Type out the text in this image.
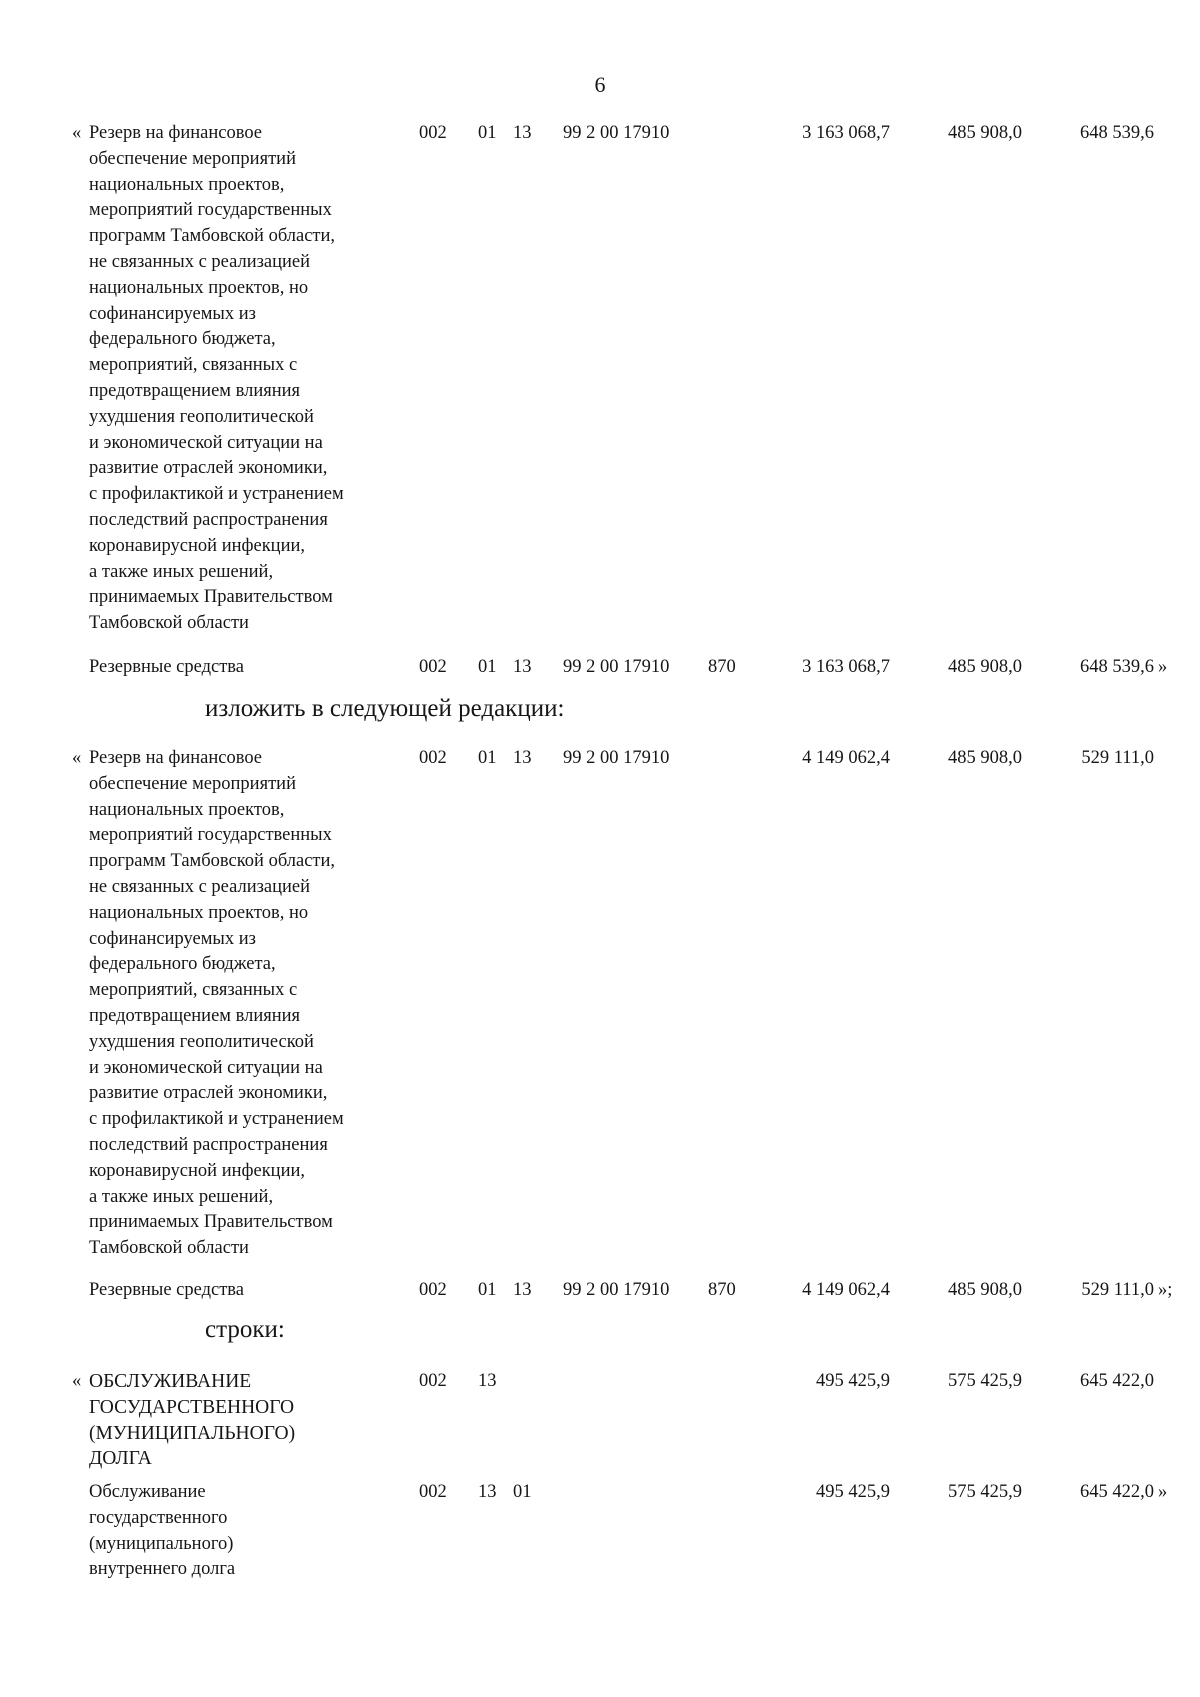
6
« Резерв на финансовое
обеспечение мероприятий
национальных проектов,
мероприятий государственных
программ Тамбовской области,
не связанных с реализацией
национальных проектов, но
софинансируемых из
федерального бюджета,
мероприятий, связанных с
предотвращением влияния
ухудшения геополитической
и экономической ситуации на
развитие отраслей экономики,
с профилактикой и устранением
последствий распространения
коронавирусной инфекции,
а также иных решений,
принимаемых Правительством
Тамбовской области
002 01 13 99 2 00 17910	3 163 068,7	485 908,0	648 539,6
Резервные средства	002 01 13 99 2 00 17910 870	3 163 068,7	485 908,0	648 539,6 »
изложить в следующей редакции:
« Резерв на финансовое
обеспечение мероприятий
национальных проектов,
мероприятий государственных
программ Тамбовской области,
не связанных с реализацией
национальных проектов, но
софинансируемых из
федерального бюджета,
мероприятий, связанных с
предотвращением влияния
ухудшения геополитической
и экономической ситуации на
развитие отраслей экономики,
с профилактикой и устранением
последствий распространения
коронавирусной инфекции,
а также иных решений,
принимаемых Правительством
Тамбовской области
002 01 13 99 2 00 17910	4 149 062,4	485 908,0	529 111,0
Резервные средства	002 01 13 99 2 00 17910 870	4 149 062,4	485 908,0	529 111,0 »;
строки:
« ОБСЛУЖИВАНИЕ
ГОСУДАРСТВЕННОГО
(МУНИЦИПАЛЬНОГО)
ДОЛГА
002 13	495 425,9	575 425,9	645 422,0
Обслуживание
государственного
(муниципального)
внутреннего долга
002 13 01	495 425,9	575 425,9	645 422,0 »
